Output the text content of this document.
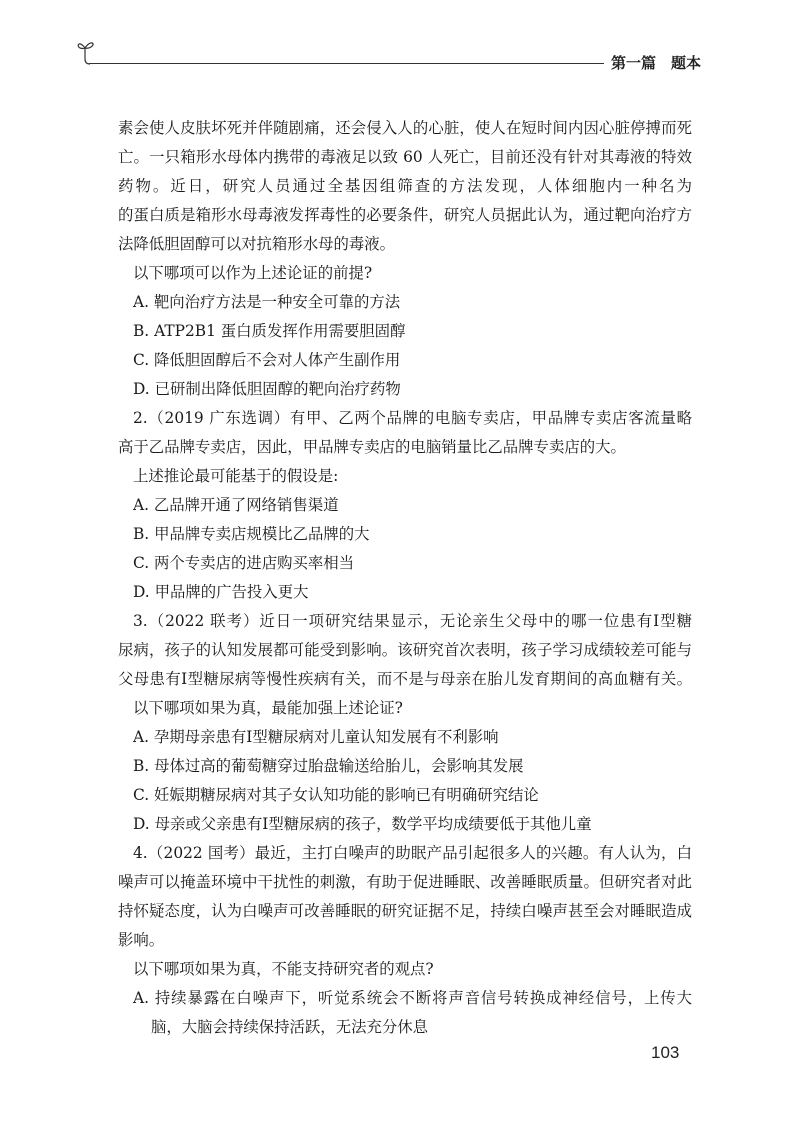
第一篇　题本
素会使人皮肤坏死并伴随剧痛，还会侵入人的心脏，使人在短时间内因心脏停搏而死
亡。一只箱形水母体内携带的毒液足以致 60 人死亡，目前还没有针对其毒液的特效
药物。近日，研究人员通过全基因组筛查的方法发现，人体细胞内一种名为
的蛋白质是箱形水母毒液发挥毒性的必要条件，研究人员据此认为，通过靶向治疗方
法降低胆固醇可以对抗箱形水母的毒液。
以下哪项可以作为上述论证的前提?
A. 靶向治疗方法是一种安全可靠的方法
B. ATP2B1 蛋白质发挥作用需要胆固醇
C. 降低胆固醇后不会对人体产生副作用
D. 已研制出降低胆固醇的靶向治疗药物
2.（2019 广东选调）有甲、乙两个品牌的电脑专卖店，甲品牌专卖店客流量略
高于乙品牌专卖店，因此，甲品牌专卖店的电脑销量比乙品牌专卖店的大。
上述推论最可能基于的假设是:
A. 乙品牌开通了网络销售渠道
B. 甲品牌专卖店规模比乙品牌的大
C. 两个专卖店的进店购买率相当
D. 甲品牌的广告投入更大
3.（2022 联考）近日一项研究结果显示，无论亲生父母中的哪一位患有Ⅰ型糖
尿病，孩子的认知发展都可能受到影响。该研究首次表明，孩子学习成绩较差可能与
父母患有Ⅰ型糖尿病等慢性疾病有关，而不是与母亲在胎儿发育期间的高血糖有关。
以下哪项如果为真，最能加强上述论证?
A. 孕期母亲患有Ⅰ型糖尿病对儿童认知发展有不利影响
B. 母体过高的葡萄糖穿过胎盘输送给胎儿，会影响其发展
C. 妊娠期糖尿病对其子女认知功能的影响已有明确研究结论
D. 母亲或父亲患有Ⅰ型糖尿病的孩子，数学平均成绩要低于其他儿童
4.（2022 国考）最近，主打白噪声的助眠产品引起很多人的兴趣。有人认为，白
噪声可以掩盖环境中干扰性的刺激，有助于促进睡眠、改善睡眠质量。但研究者对此
持怀疑态度，认为白噪声可改善睡眠的研究证据不足，持续白噪声甚至会对睡眠造成
影响。
以下哪项如果为真，不能支持研究者的观点?
A. 持续暴露在白噪声下，听觉系统会不断将声音信号转换成神经信号，上传大
脑，大脑会持续保持活跃，无法充分休息
103
